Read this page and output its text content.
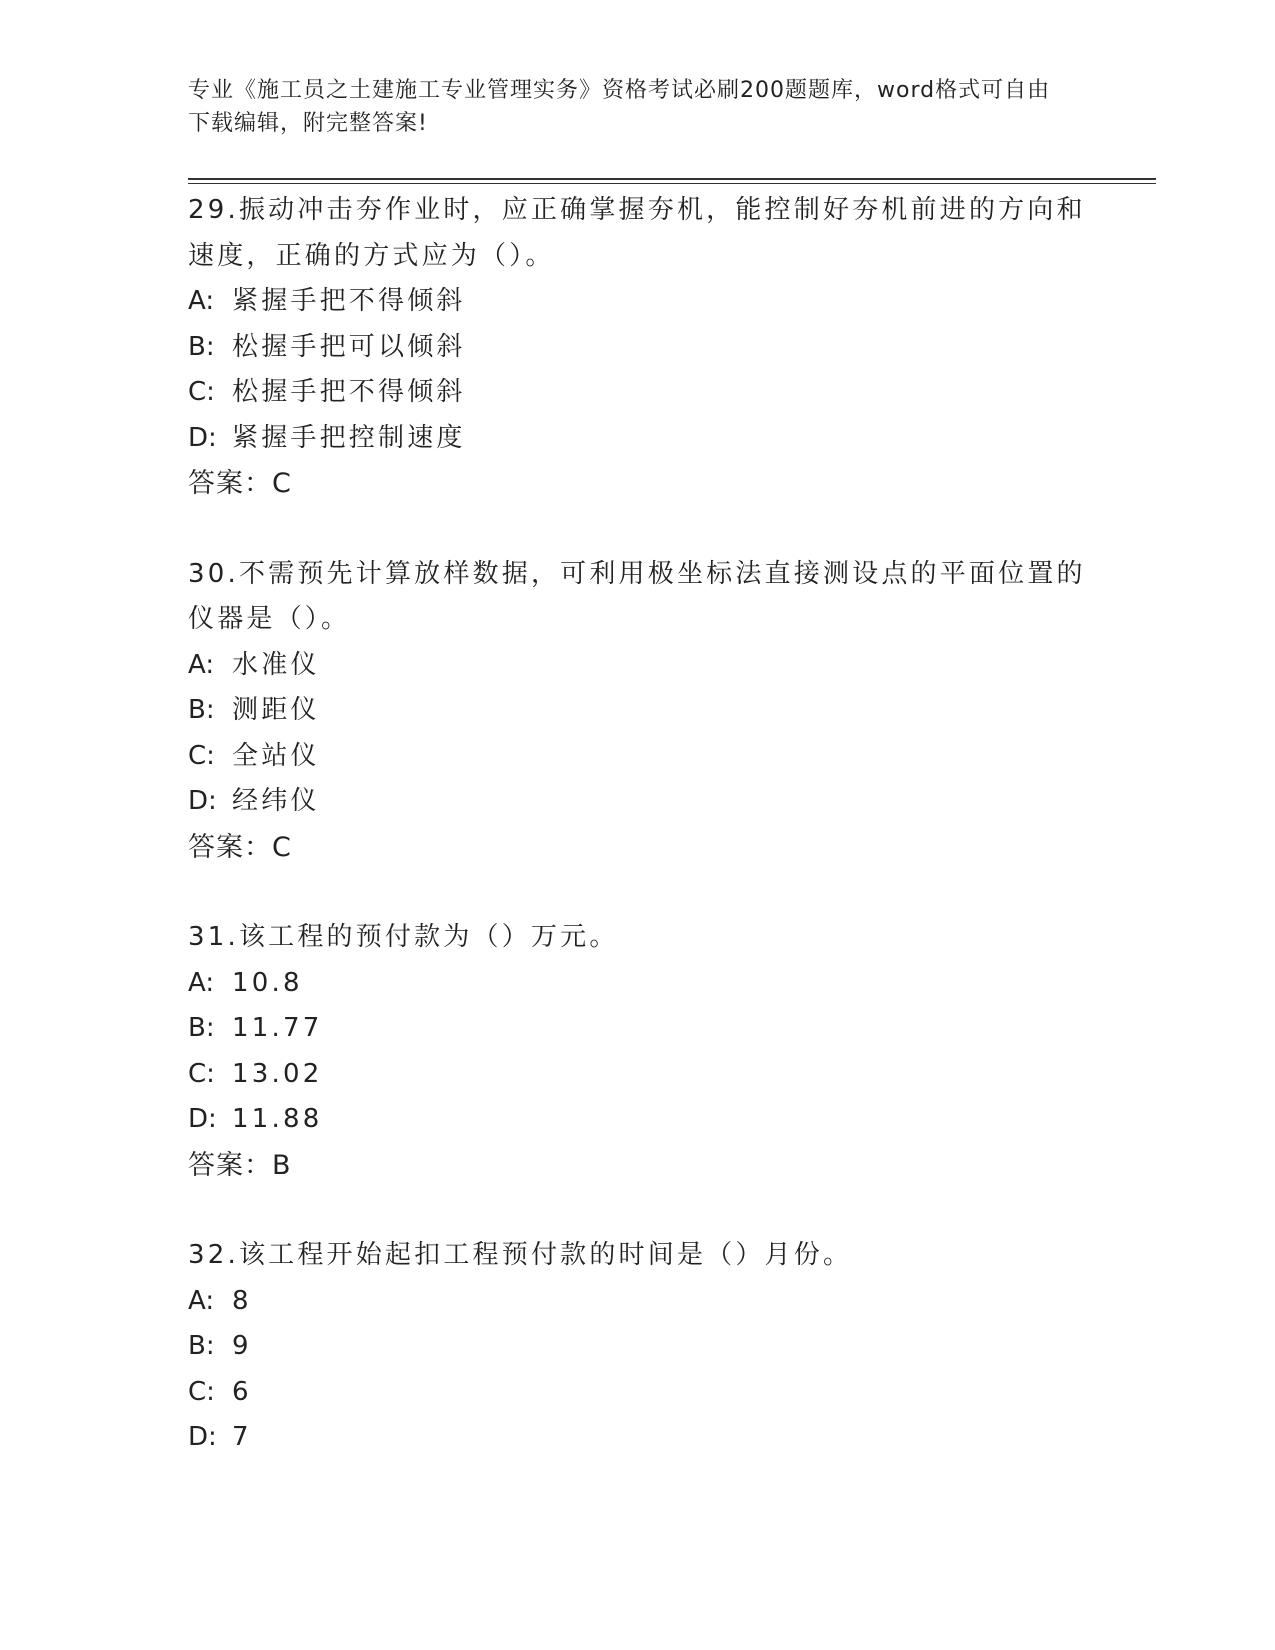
专业《施工员之土建施工专业管理实务》资格考试必刷200题题库，word格式可自由下载编辑，附完整答案!

29.振动冲击夯作业时，应正确掌握夯机，能控制好夯机前进的方向和速度，正确的方式应为（）。

A: 紧握手把不得倾斜

B: 松握手把可以倾斜

C: 松握手把不得倾斜

D: 紧握手把控制速度

答案：C

30.不需预先计算放样数据，可利用极坐标法直接测设点的平面位置的仪器是（）。

A: 水准仪

B: 测距仪

C: 全站仪

D: 经纬仪

答案：C

31.该工程的预付款为（）万元。

A: 10.8

B: 11.77

C: 13.02

D: 11.88

答案：B

32.该工程开始起扣工程预付款的时间是（）月份。

A: 8

B: 9

C: 6

D: 7
